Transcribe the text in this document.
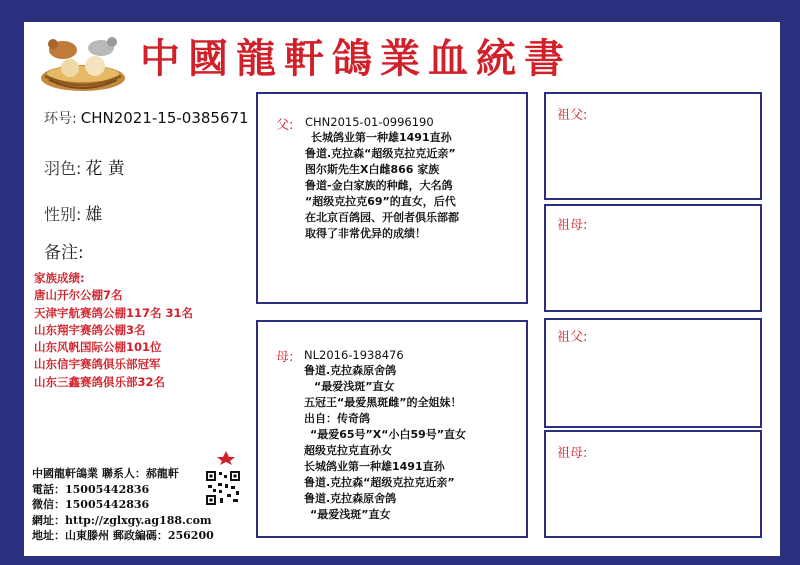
中國龍軒鴿業血統書
环号: CHN2021-15-0385671
羽色: 花 黄
性别: 雄
备注:
家族成绩:
唐山开尔公棚7名
天津宇航赛鸽公棚117名 31名
山东翔宇赛鸽公棚3名
山东风帆国际公棚101位
山东信宇赛鸽俱乐部冠军
山东三鑫赛鸽俱乐部32名
父: CHN2015-01-0996190
长城鸽业第一种雄1491直孙
鲁道.克拉森“超级克拉克近亲”
图尔斯先生X白雌866 家族
鲁道-金白家族的种雌，大名鸽
“超级克拉克69”的直女，后代
在北京百鸽园、开创者俱乐部都
取得了非常优异的成绩！
母: NL2016-1938476
鲁道.克拉森原舍鸽
“最爱浅斑”直女
五冠王“最爱黑斑雌”的全姐妹！
出自：传奇鸽
“最爱65号”X“小白59号”直女
超级克拉克直孙女
长城鸽业第一种雄1491直孙
鲁道.克拉森“超级克拉克近亲”
鲁道.克拉森原舍鸽
“最爱浅斑”直女
祖父:
祖母:
祖父:
祖母:
中國龍軒鴿業 聯系人：郝龍軒
電話：15005442836
微信：15005442836
網址：http://zglxgy.ag188.com
地址：山東滕州 郵政編碼：256200
